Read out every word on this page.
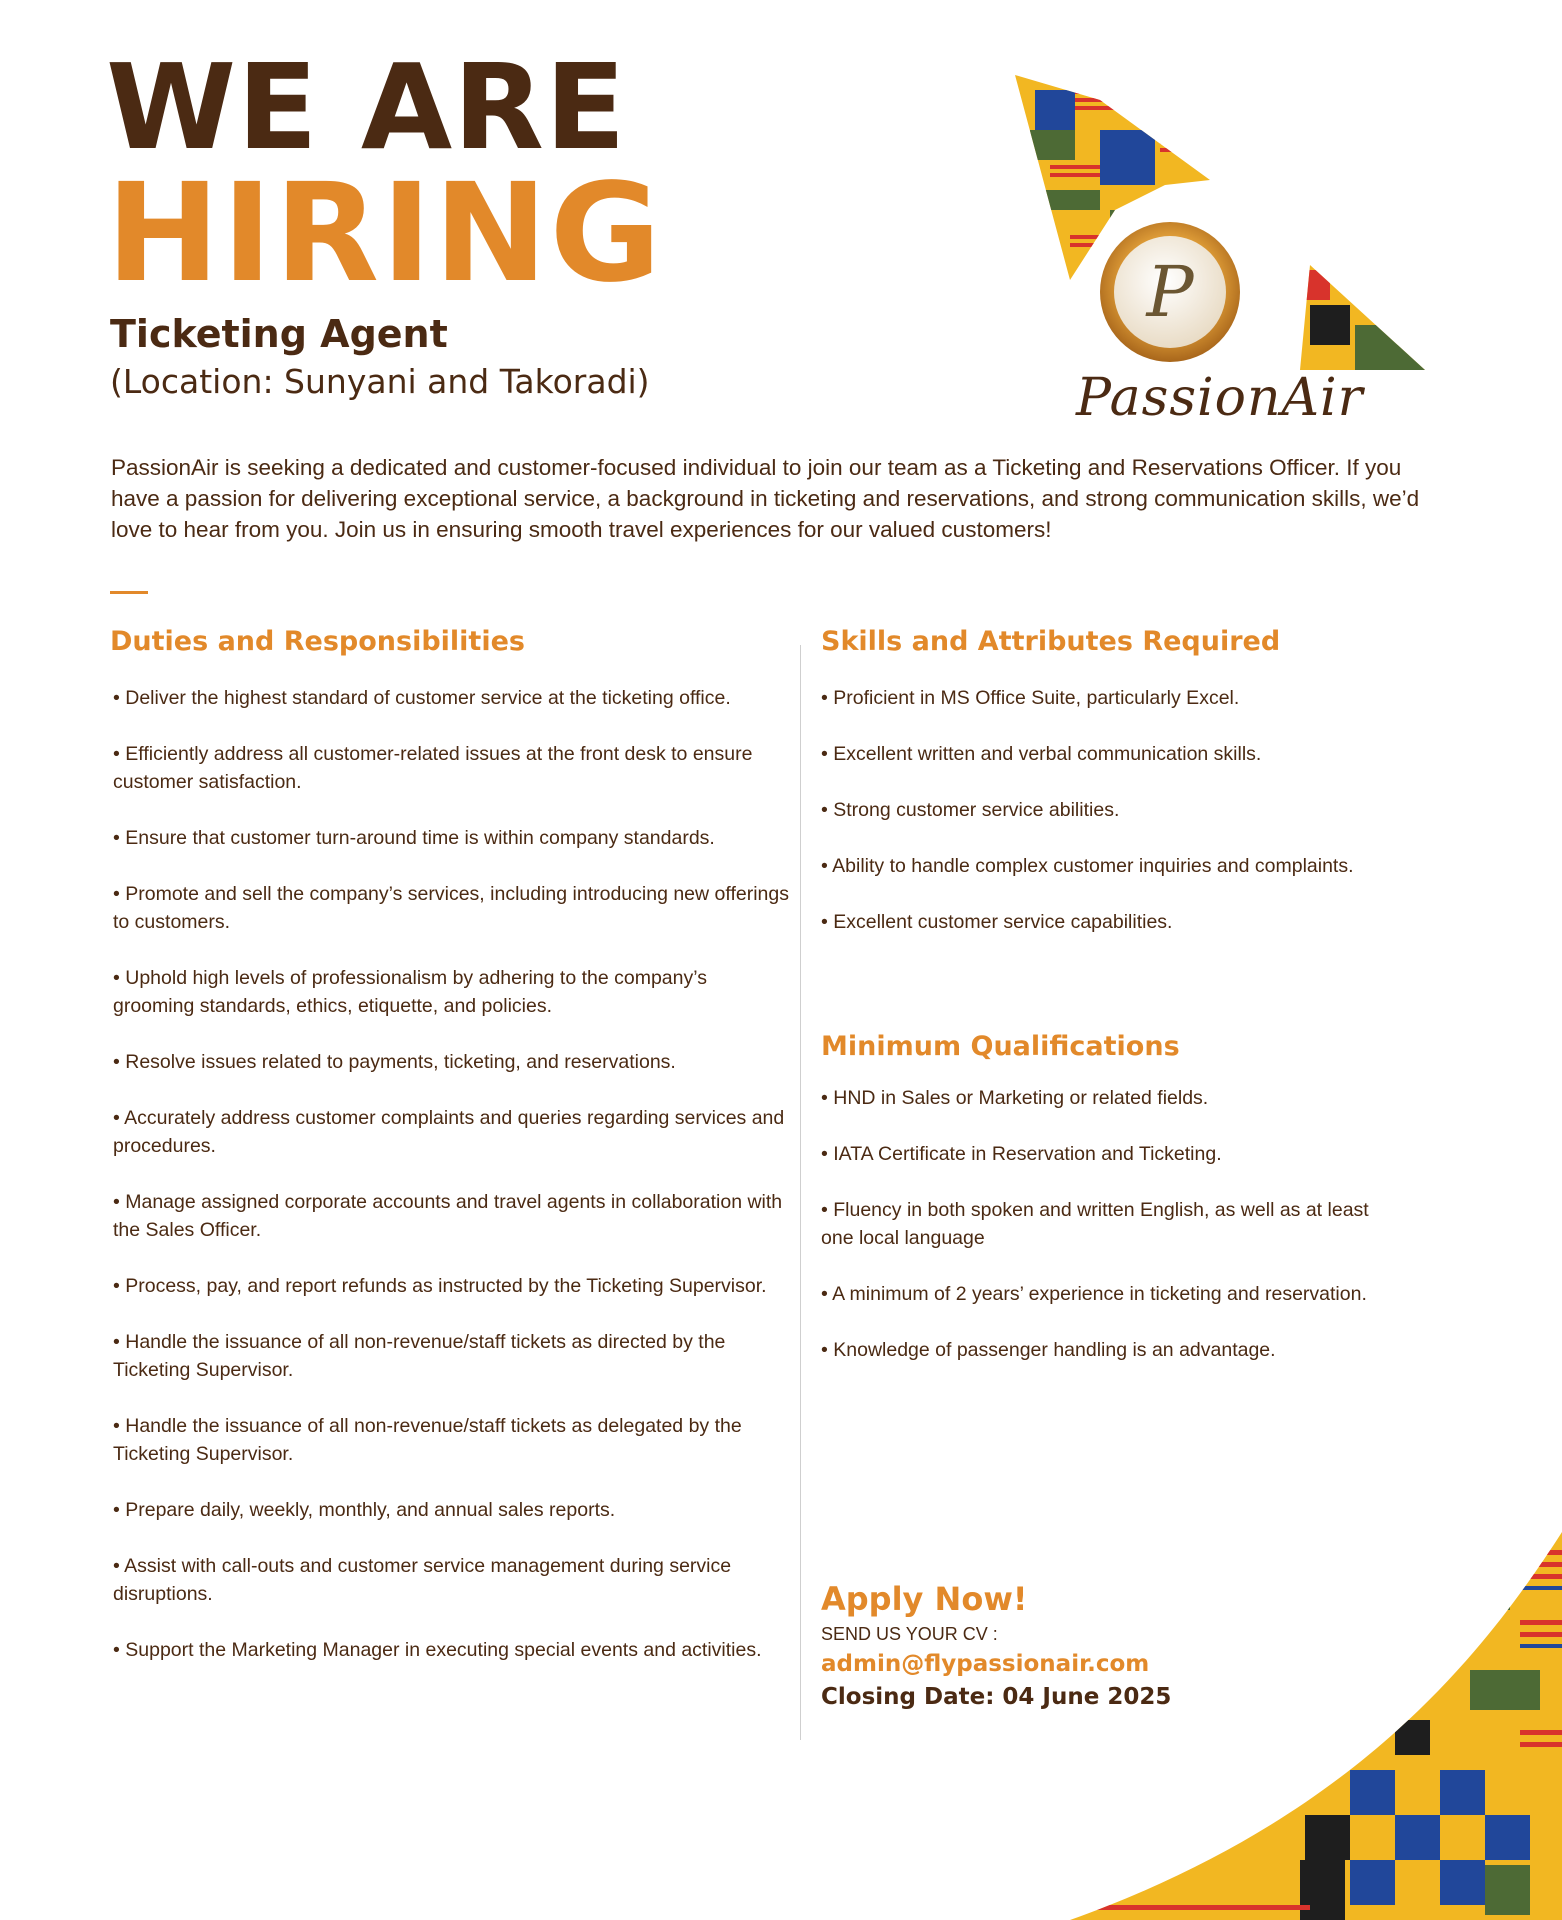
WE ARE
HIRING
Ticketing Agent
(Location: Sunyani and Takoradi)
P
PassionAir
PassionAir is seeking a dedicated and customer-focused individual to join our team as a Ticketing and Reservations Officer. If you have a passion for delivering exceptional service, a background in ticketing and reservations, and strong communication skills, we’d love to hear from you. Join us in ensuring smooth travel experiences for our valued customers!
Duties and Responsibilities
• Deliver the highest standard of customer service at the ticketing office.
• Efficiently address all customer-related issues at the front desk to ensure customer satisfaction.
• Ensure that customer turn-around time is within company standards.
• Promote and sell the company’s services, including introducing new offerings to customers.
• Uphold high levels of professionalism by adhering to the company’s grooming standards, ethics, etiquette, and policies.
• Resolve issues related to payments, ticketing, and reservations.
• Accurately address customer complaints and queries regarding services and procedures.
• Manage assigned corporate accounts and travel agents in collaboration with the Sales Officer.
• Process, pay, and report refunds as instructed by the Ticketing Supervisor.
• Handle the issuance of all non-revenue/staff tickets as directed by the Ticketing Supervisor.
• Handle the issuance of all non-revenue/staff tickets as delegated by the Ticketing Supervisor.
• Prepare daily, weekly, monthly, and annual sales reports.
• Assist with call-outs and customer service management during service disruptions.
• Support the Marketing Manager in executing special events and activities.
Skills and Attributes Required
• Proficient in MS Office Suite, particularly Excel.
• Excellent written and verbal communication skills.
• Strong customer service abilities.
• Ability to handle complex customer inquiries and complaints.
• Excellent customer service capabilities.
Minimum Qualifications
• HND in Sales or Marketing or related fields.
• IATA Certificate in Reservation and Ticketing.
• Fluency in both spoken and written English, as well as at least one local language
• A minimum of 2 years’ experience in ticketing and reservation.
• Knowledge of passenger handling is an advantage.
Apply Now!
SEND US YOUR CV :
admin@flypassionair.com
Closing Date: 04 June 2025
